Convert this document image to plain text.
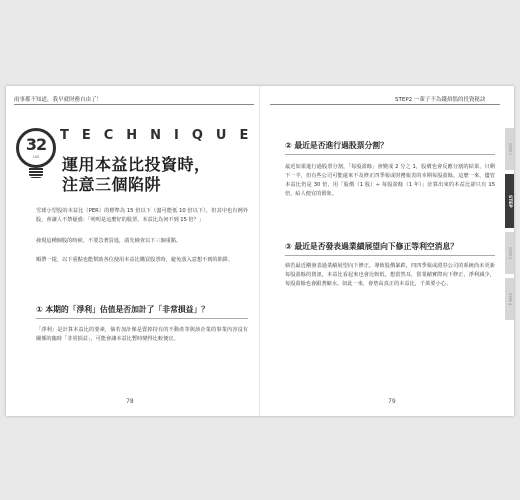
雨事都不知道，我早就財務自由了！
32
100
TECHNIQUE
運用本益比投資時，
注意三個陷阱
雪球小型股的本益比（PER）的標準為 15 倍以下（盡可能低 10 倍以下），但其中也有例外股，會讓人不禁疑惑：「明明是這麼好的股票，本益比為何不到 15 倍？」
發現這種個股的時候，不要急著買進，請先檢查以下三個重點。
順帶一提，以下重點也能幫助各位使用本益比購買股票時，避免落入意想不到的陷阱。
① 本期的「淨利」估值是否加計了「非常損益」？
「淨利」是計算本益比的要素，倘若加計像是賣掉持有的不動產等與該企業的事業內容沒有關係的臨時「非常損益」，可能會讓本益比暫時變得比較便宜。
78
STEP2 一輩子不為錢煩惱的投資秘訣
② 最近是否進行過股票分割？
最近如果進行過股票分割，「每股盈餘」會變成 2 分之 1，股價也會反應分割的結果，只剩下一半，但有些公司可能還來不及修正四季報或財務報表的本期每股盈餘。這麼一來，儘管本益比仍是 30 倍，用「股價（1 股）÷ 每股盈餘（1 年）」計算出來的本益比卻只有 15 倍，給人便宜的假象。
③ 最近是否發表過業績展望向下修正等利空消息？
倘若最近剛發表過業績展望向下修正，導致股價暴跌，四四季報或證券公司的系統尚未更新每股盈餘的資訊，本益比看起來也會比較低。想當然耳，當業績實際向下修正，淨利減少，每股盈餘也會跟著縮水。如此一來，會墊高真正的本益比，千萬要小心。
79
STEP 1
STEP
2
STEP 3
STEP 4
